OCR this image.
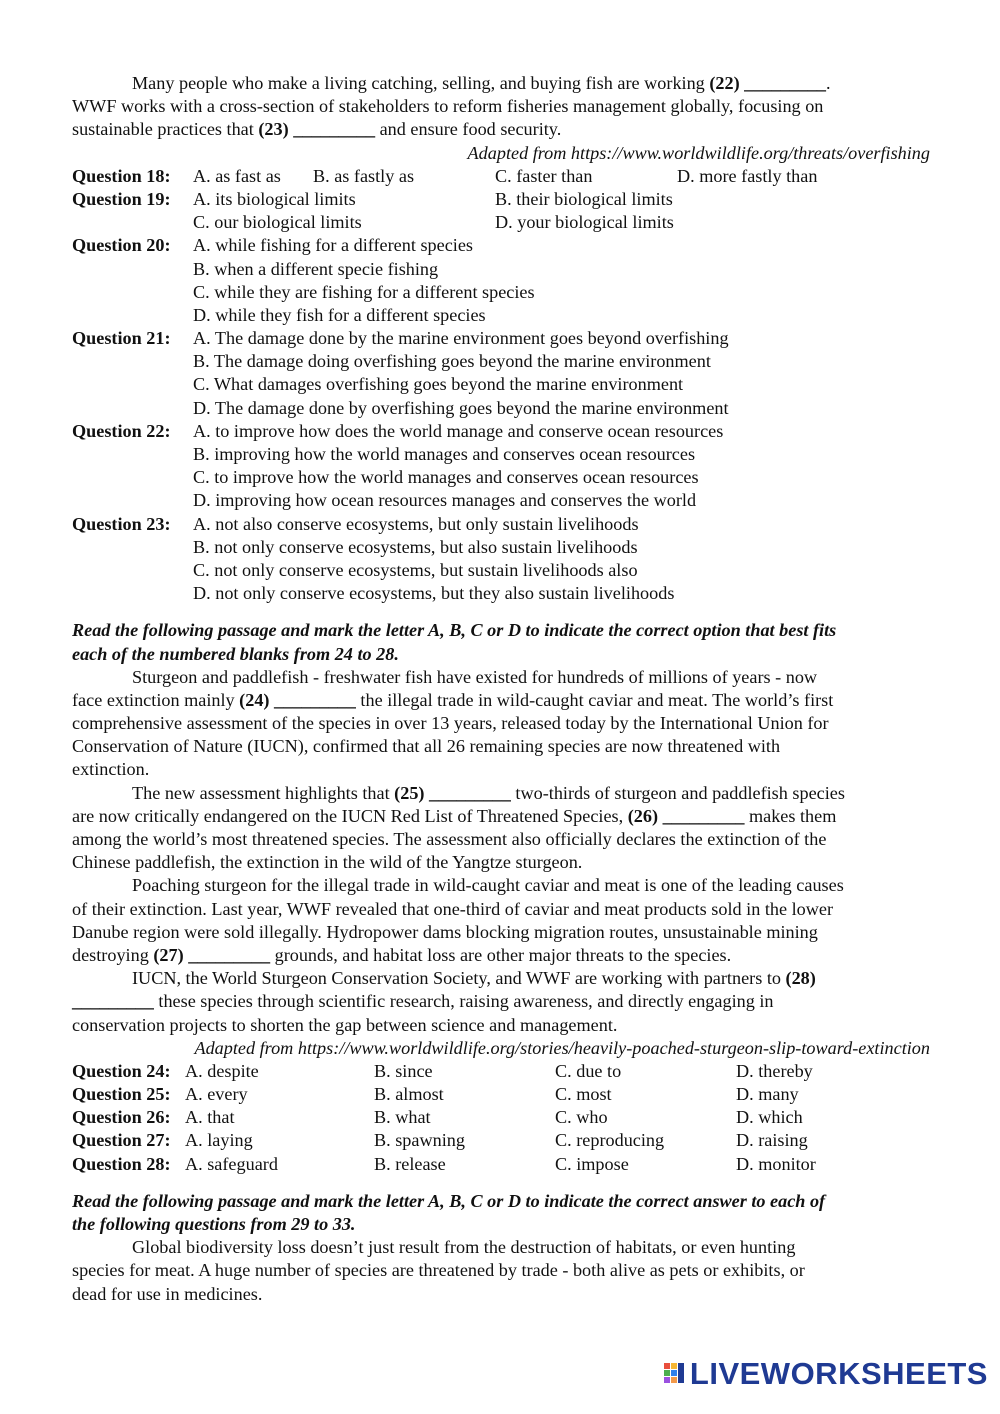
Many people who make a living catching, selling, and buying fish are working (22) _________.
WWF works with a cross-section of stakeholders to reform fisheries management globally, focusing on
sustainable practices that (23) _________ and ensure food security.
Adapted from https://www.worldwildlife.org/threats/overfishing
Question 18: A. as fast as B. as fastly as	C. faster than	D. more fastly than
Question 19: A. its biological limits	B. their biological limits
C. our biological limits	D. your biological limits
Question 20: A. while fishing for a different species
B. when a different specie fishing
C. while they are fishing for a different species
D. while they fish for a different species
Question 21: A. The damage done by the marine environment goes beyond overfishing
B. The damage doing overfishing goes beyond the marine environment
C. What damages overfishing goes beyond the marine environment
D. The damage done by overfishing goes beyond the marine environment
Question 22: A. to improve how does the world manage and conserve ocean resources
B. improving how the world manages and conserves ocean resources
C. to improve how the world manages and conserves ocean resources
D. improving how ocean resources manages and conserves the world
Question 23: A. not also conserve ecosystems, but only sustain livelihoods
B. not only conserve ecosystems, but also sustain livelihoods
C. not only conserve ecosystems, but sustain livelihoods also
D. not only conserve ecosystems, but they also sustain livelihoods
Read the following passage and mark the letter A, B, C or D to indicate the correct option that best fits
each of the numbered blanks from 24 to 28.
Sturgeon and paddlefish - freshwater fish have existed for hundreds of millions of years - now
face extinction mainly (24) _________ the illegal trade in wild-caught caviar and meat. The world’s first
comprehensive assessment of the species in over 13 years, released today by the International Union for
Conservation of Nature (IUCN), confirmed that all 26 remaining species are now threatened with
extinction.
The new assessment highlights that (25) _________ two-thirds of sturgeon and paddlefish species
are now critically endangered on the IUCN Red List of Threatened Species, (26) _________ makes them
among the world’s most threatened species. The assessment also officially declares the extinction of the
Chinese paddlefish, the extinction in the wild of the Yangtze sturgeon.
Poaching sturgeon for the illegal trade in wild-caught caviar and meat is one of the leading causes
of their extinction. Last year, WWF revealed that one-third of caviar and meat products sold in the lower
Danube region were sold illegally. Hydropower dams blocking migration routes, unsustainable mining
destroying (27) _________ grounds, and habitat loss are other major threats to the species.
IUCN, the World Sturgeon Conservation Society, and WWF are working with partners to (28)
_________ these species through scientific research, raising awareness, and directly engaging in
conservation projects to shorten the gap between science and management.
Adapted from https://www.worldwildlife.org/stories/heavily-poached-sturgeon-slip-toward-extinction
Question 24: A. despite	B. since	C. due to	D. thereby
Question 25: A. every	B. almost	C. most	D. many
Question 26: A. that	B. what	C. who	D. which
Question 27: A. laying	B. spawning	C. reproducing	D. raising
Question 28: A. safeguard	B. release	C. impose	D. monitor
Read the following passage and mark the letter A, B, C or D to indicate the correct answer to each of
the following questions from 29 to 33.
Global biodiversity loss doesn’t just result from the destruction of habitats, or even hunting
species for meat. A huge number of species are threatened by trade - both alive as pets or exhibits, or
dead for use in medicines.
LIVEWORKSHEETS
